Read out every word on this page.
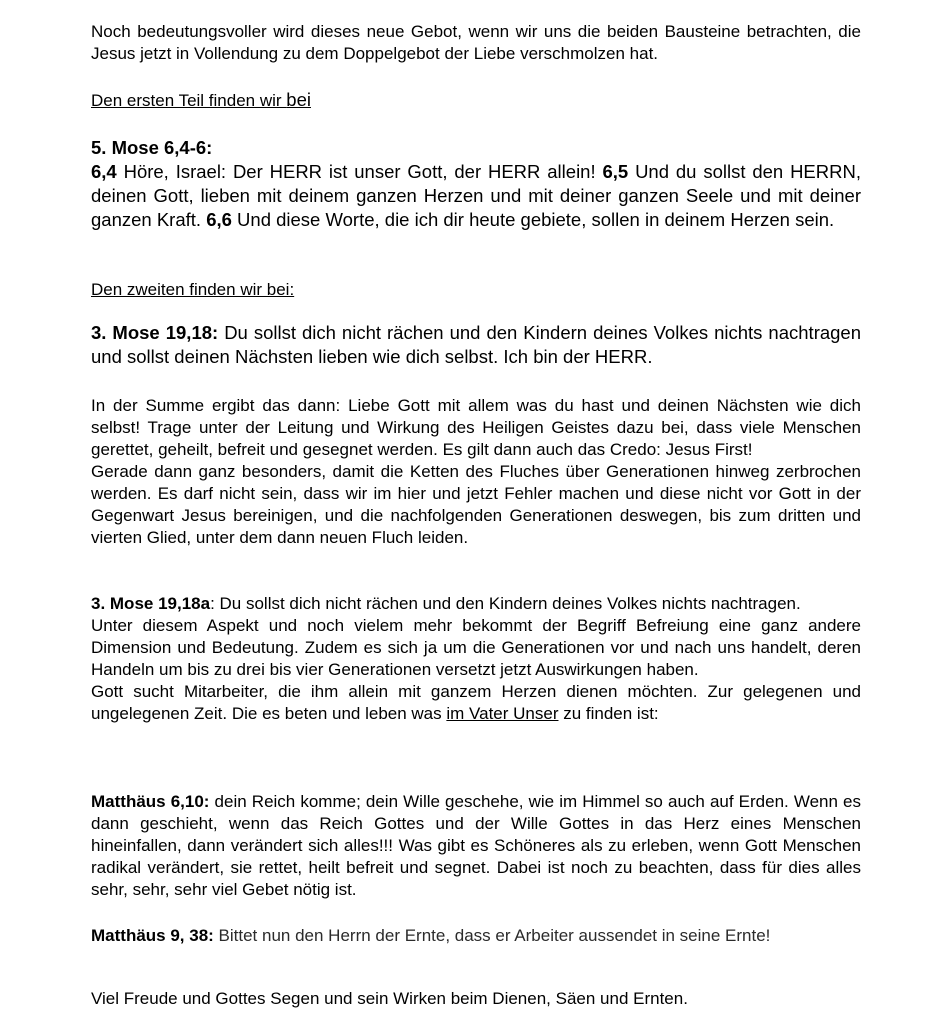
Noch bedeutungsvoller wird dieses neue Gebot, wenn wir uns die beiden Bausteine betrachten, die Jesus jetzt in Vollendung zu dem Doppelgebot der Liebe verschmolzen hat.

Den ersten Teil finden wir bei

5. Mose 6,4-6:
6,4 Höre, Israel: Der HERR ist unser Gott, der HERR allein! 6,5 Und du sollst den HERRN, deinen Gott, lieben mit deinem ganzen Herzen und mit deiner ganzen Seele und mit deiner ganzen Kraft. 6,6 Und diese Worte, die ich dir heute gebiete, sollen in deinem Herzen sein.

Den zweiten finden wir bei:

3. Mose 19,18: Du sollst dich nicht rächen und den Kindern deines Volkes nichts nachtragen und sollst deinen Nächsten lieben wie dich selbst. Ich bin der HERR.

In der Summe ergibt das dann: Liebe Gott mit allem was du hast und deinen Nächsten wie dich selbst! Trage unter der Leitung und Wirkung des Heiligen Geistes dazu bei, dass viele Menschen gerettet, geheilt, befreit und gesegnet werden. Es gilt dann auch das Credo: Jesus First!
Gerade dann ganz besonders, damit die Ketten des Fluches über Generationen hinweg zerbrochen werden. Es darf nicht sein, dass wir im hier und jetzt Fehler machen und diese nicht vor Gott in der Gegenwart Jesus bereinigen, und die nachfolgenden Generationen deswegen, bis zum dritten und vierten Glied, unter dem dann neuen Fluch leiden.
3. Mose 19,18a: Du sollst dich nicht rächen und den Kindern deines Volkes nichts nachtragen.
Unter diesem Aspekt und noch vielem mehr bekommt der Begriff Befreiung eine ganz andere Dimension und Bedeutung. Zudem es sich ja um die Generationen vor und nach uns handelt, deren Handeln um bis zu drei bis vier Generationen versetzt jetzt Auswirkungen haben.
Gott sucht Mitarbeiter, die ihm allein mit ganzem Herzen dienen möchten. Zur gelegenen und ungelegenen Zeit. Die es beten und leben was im Vater Unser zu finden ist:

Matthäus 6,10: dein Reich komme; dein Wille geschehe, wie im Himmel so auch auf Erden. Wenn es dann geschieht, wenn das Reich Gottes und der Wille Gottes in das Herz eines Menschen hineinfallen, dann verändert sich alles!!! Was gibt es Schöneres als zu erleben, wenn Gott Menschen radikal verändert, sie rettet, heilt befreit und segnet. Dabei ist noch zu beachten, dass für dies alles sehr, sehr, sehr viel Gebet nötig ist.

Matthäus 9, 38: Bittet nun den Herrn der Ernte, dass er Arbeiter aussendet in seine Ernte!

Viel Freude und Gottes Segen und sein Wirken beim Dienen, Säen und Ernten.
